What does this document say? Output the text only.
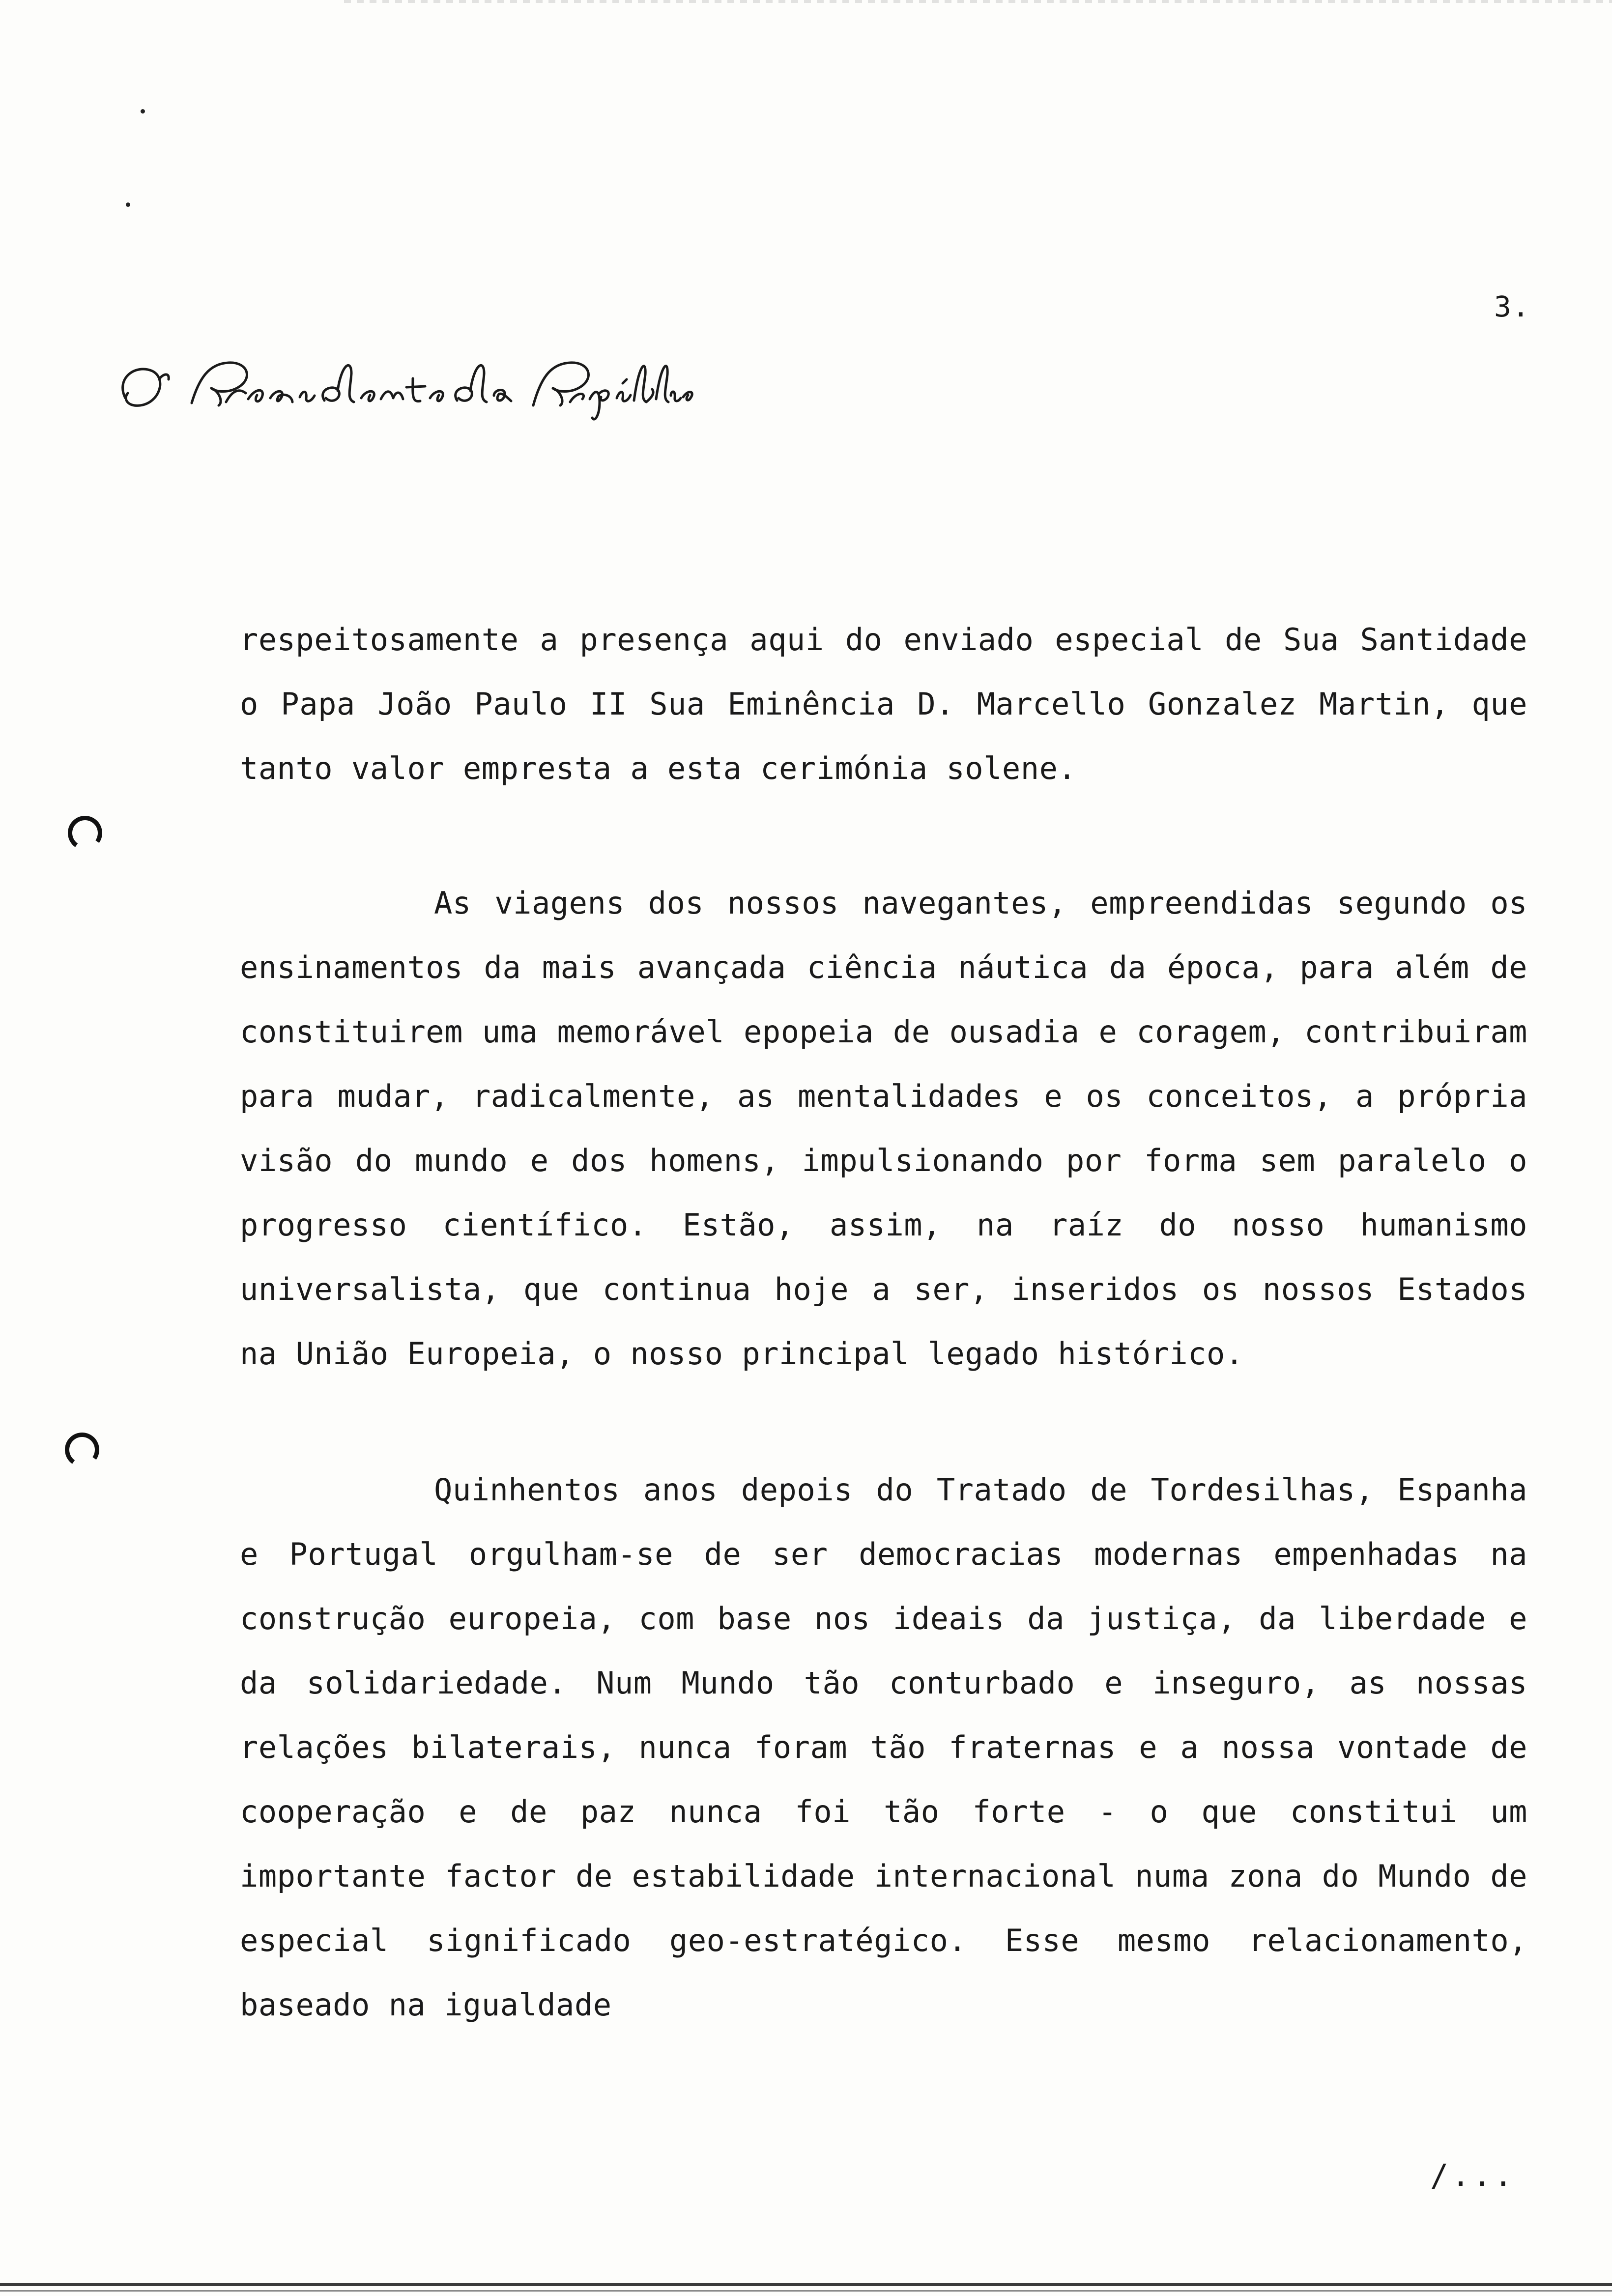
3.

respeitosamente a presença aqui do enviado especial de Sua Santidade o Papa João Paulo II Sua Eminência D. Marcello Gonzalez Martin, que tanto valor empresta a esta cerimónia solene.

As viagens dos nossos navegantes, empreendidas segundo os ensinamentos da mais avançada ciência náutica da época, para além de constituirem uma memorável epopeia de ousadia e coragem, contribuiram para mudar, radicalmente, as mentalidades e os conceitos, a própria visão do mundo e dos homens, impulsionando por forma sem paralelo o progresso científico. Estão, assim, na raíz do nosso humanismo universalista, que continua hoje a ser, inseridos os nossos Estados na União Europeia, o nosso principal legado histórico.

Quinhentos anos depois do Tratado de Tordesilhas, Espanha e Portugal orgulham-se de ser democracias modernas empenhadas na construção europeia, com base nos ideais da justiça, da liberdade e da solidariedade. Num Mundo tão conturbado e inseguro, as nossas relações bilaterais, nunca foram tão fraternas e a nossa vontade de cooperação e de paz nunca foi tão forte - o que constitui um importante factor de estabilidade internacional numa zona do Mundo de especial significado geo-estratégico. Esse mesmo relacionamento, baseado na igualdade

/...
